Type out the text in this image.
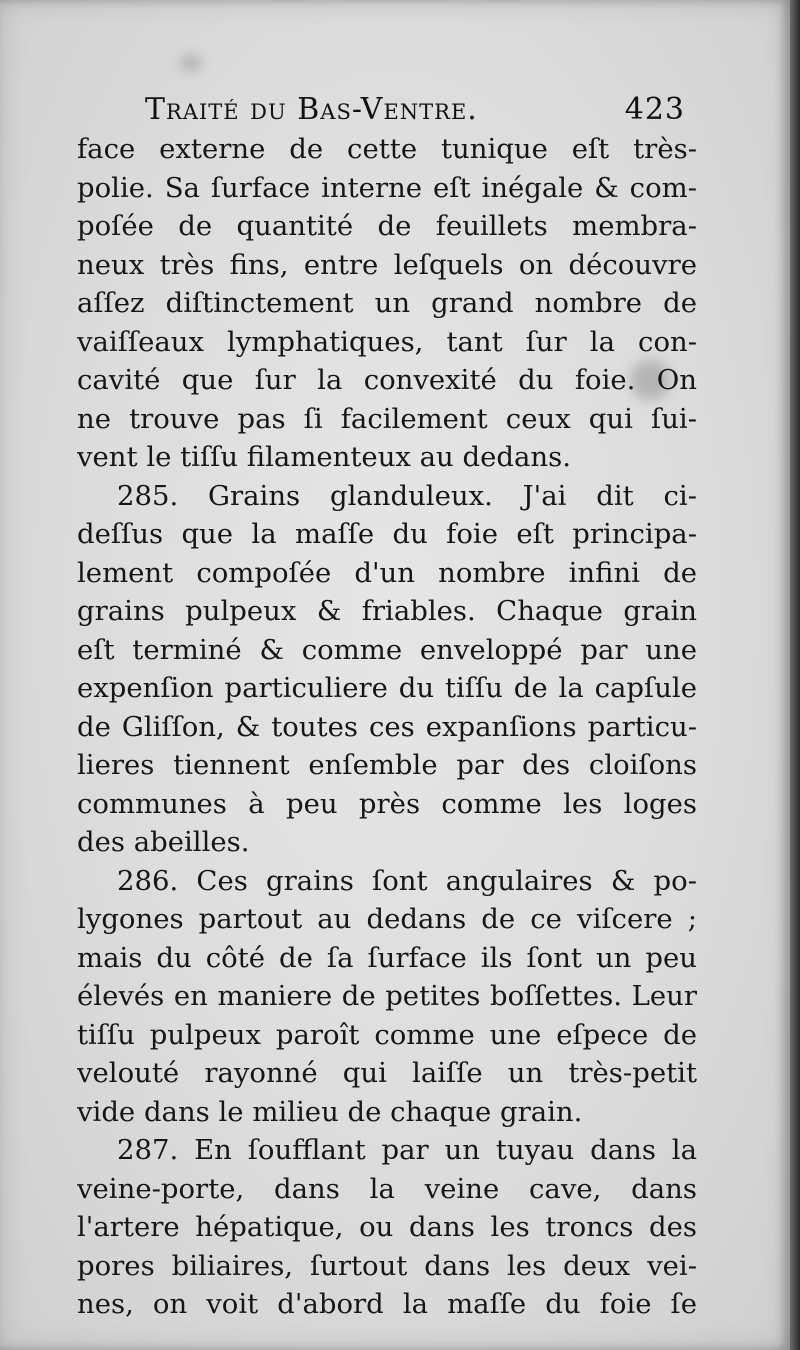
Traité du Bas-Ventre.	423
face externe de cette tunique eſt très-
polie. Sa ſurface interne eſt inégale & com-
poſée de quantité de feuillets membra-
neux très fins, entre leſquels on découvre
aſſez diſtinctement un grand nombre de
vaiſſeaux lymphatiques, tant ſur la con-
cavité que ſur la convexité du foie. On
ne trouve pas ſi facilement ceux qui ſui-
vent le tiſſu filamenteux au dedans.
285. Grains glanduleux. J'ai dit ci-
deſſus que la maſſe du foie eſt principa-
lement compoſée d'un nombre infini de
grains pulpeux & friables. Chaque grain
eſt terminé & comme enveloppé par une
expenſion particuliere du tiſſu de la capſule
de Gliſſon, & toutes ces expanſions particu-
lieres tiennent enſemble par des cloiſons
communes à peu près comme les loges
des abeilles.
286. Ces grains ſont angulaires & po-
lygones partout au dedans de ce viſcere ;
mais du côté de ſa ſurface ils ſont un peu
élevés en maniere de petites boſſettes. Leur
tiſſu pulpeux paroît comme une eſpece de
velouté rayonné qui laiſſe un très-petit
vide dans le milieu de chaque grain.
287. En ſoufflant par un tuyau dans la
veine-porte, dans la veine cave, dans
l'artere hépatique, ou dans les troncs des
pores biliaires, ſurtout dans les deux vei-
nes, on voit d'abord la maſſe du foie ſe
